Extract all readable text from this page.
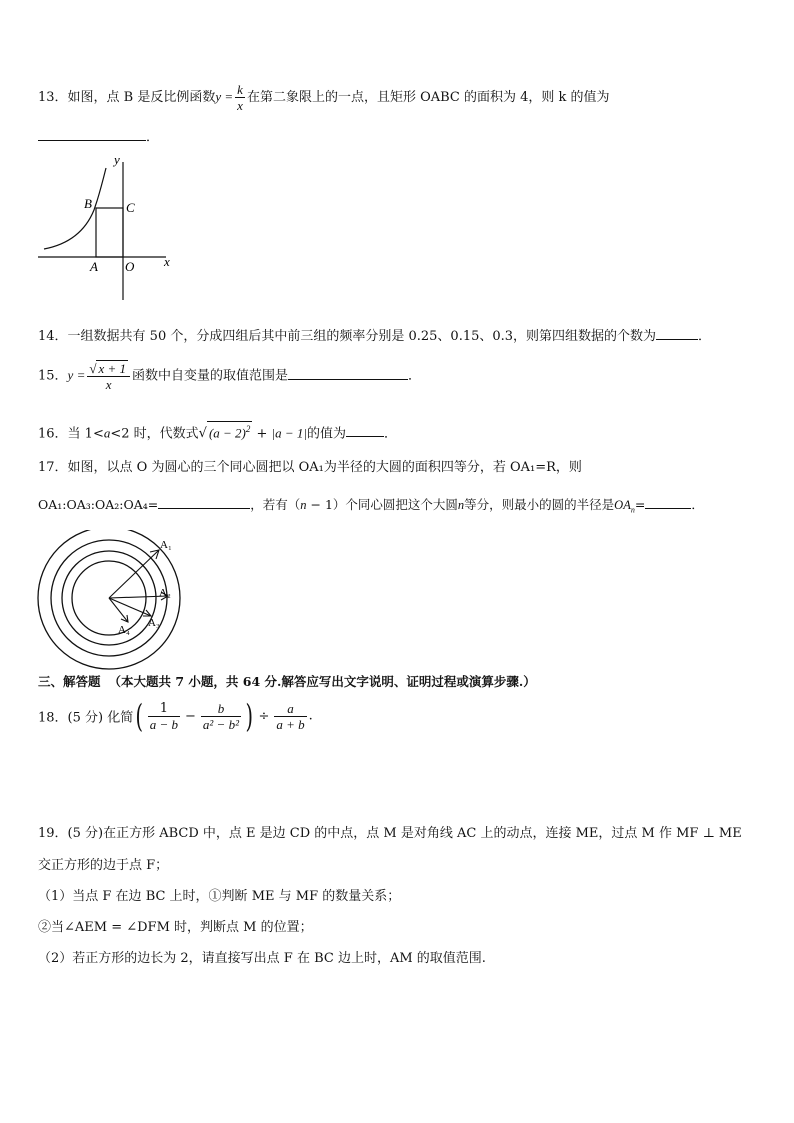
13．如图，点 B 是反比例函数$y = \frac{k}{x}$ 在第二象限上的一点，且矩形 OABC 的面积为 4，则 k 的值为
．
y
x
B	C
A O
14．一组数据共有 50 个，分成四组后其中前三组的频率分别是 0.25、0.15、0.3，则第四组数据的个数为	．
15．$y = \frac{√ x + 1}{x}$ 函数中自变量的取值范围是	．
16．当 1<a<2 时，代数式√ $(a - 2)^2 + |a - 1|$的值为	．
17．如图，以点 O 为圆心的三个同心圆把以 OA₁为半径的大圆的面积四等分，若 OA₁=R，则
OA₁:OA₃:OA₂:OA₄=	，若有（n − 1）个同心圆把这个大圆n等分，则最小的圆的半径是$OA_n=$	．
A₁
A₂
A₃
A₄
三、解答题 （本大题共 7 小题，共 64 分.解答应写出文字说明、证明过程或演算步骤.）
18．(5 分) 化简( $\frac{1}{a - b} - \frac{b}{\text{a² − b²}}$ ) ÷ $\frac{a}{a + b}$ .
19．(5 分)在正方形 ABCD 中，点 E 是边 CD 的中点，点 M 是对角线 AC 上的动点，连接 ME，过点 M 作 MF ⊥ ME
交正方形的边于点 F；
（1）当点 F 在边 BC 上时，①判断 ME 与 MF 的数量关系；
②当∠AEM = ∠DFM 时，判断点 M 的位置；
（2）若正方形的边长为 2，请直接写出点 F 在 BC 边上时，AM 的取值范围.
